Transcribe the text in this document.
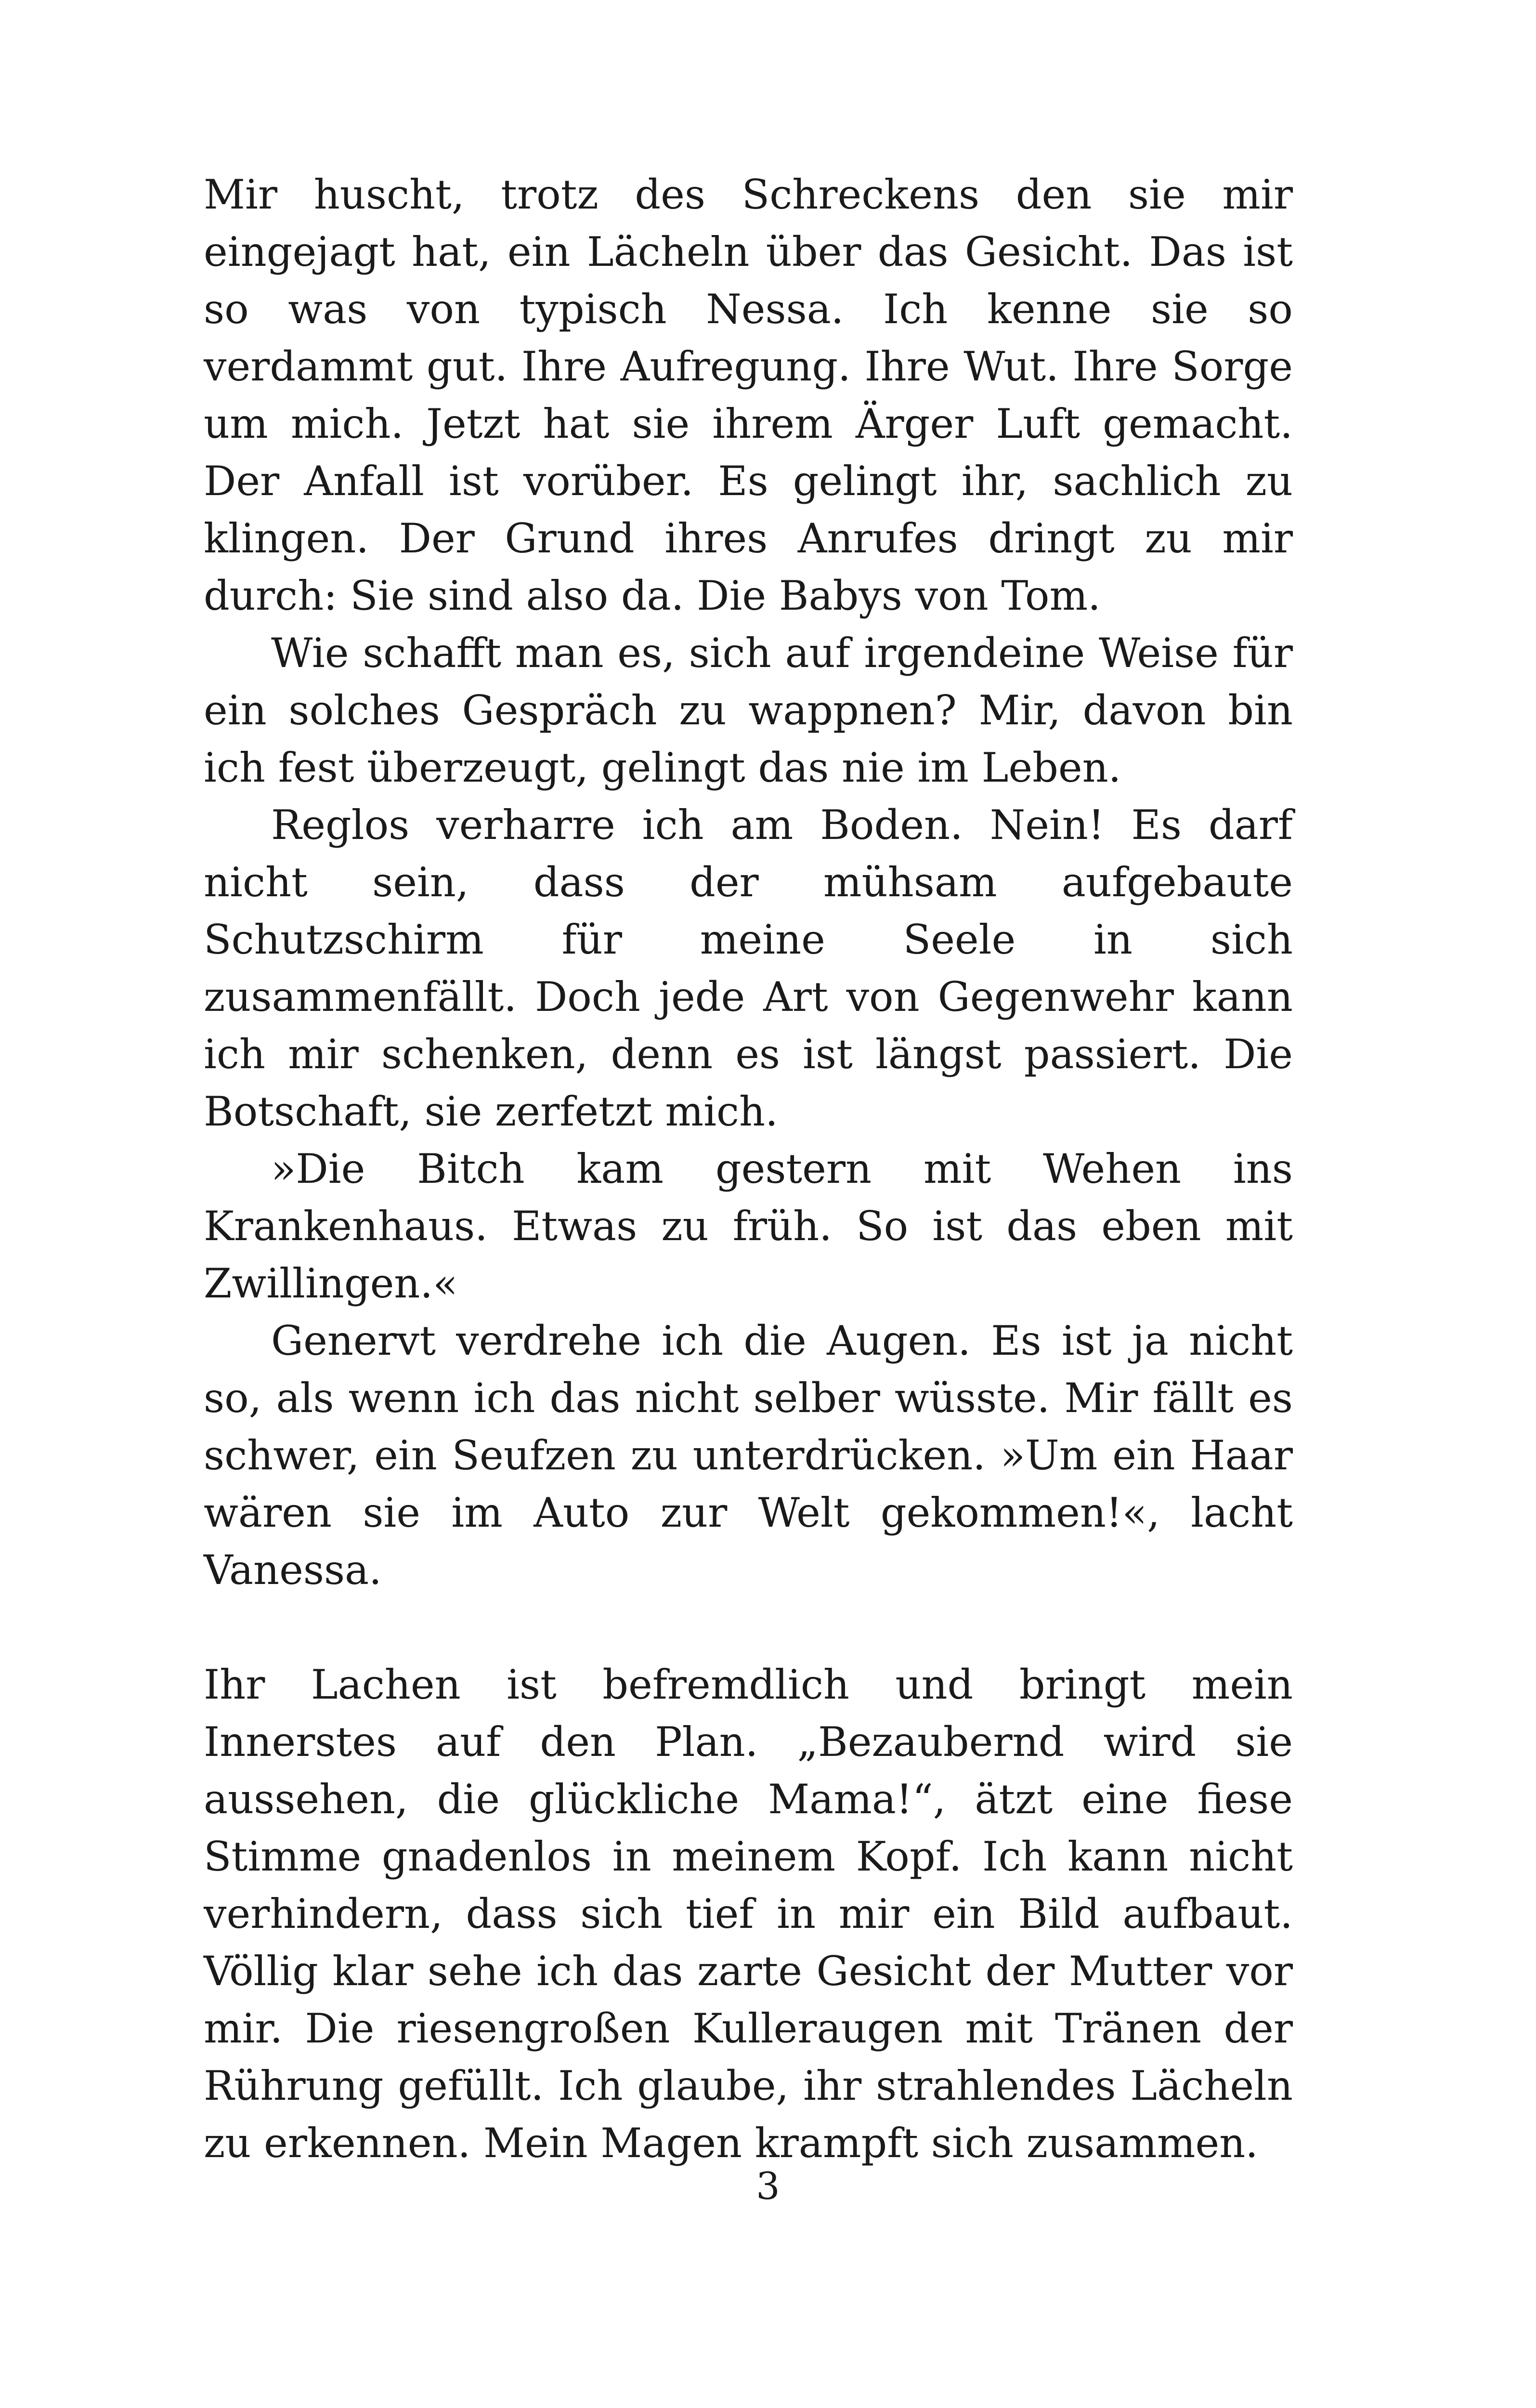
Mir huscht, trotz des Schreckens den sie mir eingejagt hat, ein Lächeln über das Gesicht. Das ist so was von typisch Nessa. Ich kenne sie so verdammt gut. Ihre Aufregung. Ihre Wut. Ihre Sorge um mich. Jetzt hat sie ihrem Ärger Luft gemacht. Der Anfall ist vorüber. Es gelingt ihr, sachlich zu klingen. Der Grund ihres Anrufes dringt zu mir durch: Sie sind also da. Die Babys von Tom.

Wie schafft man es, sich auf irgendeine Weise für ein solches Gespräch zu wappnen? Mir, davon bin ich fest überzeugt, gelingt das nie im Leben.

Reglos verharre ich am Boden. Nein! Es darf nicht sein, dass der mühsam aufgebaute Schutzschirm für meine Seele in sich zusammenfällt. Doch jede Art von Gegenwehr kann ich mir schenken, denn es ist längst passiert. Die Botschaft, sie zerfetzt mich.

»Die Bitch kam gestern mit Wehen ins Krankenhaus. Etwas zu früh. So ist das eben mit Zwillingen.«

Genervt verdrehe ich die Augen. Es ist ja nicht so, als wenn ich das nicht selber wüsste. Mir fällt es schwer, ein Seufzen zu unterdrücken. »Um ein Haar wären sie im Auto zur Welt gekommen!«, lacht Vanessa.

Ihr Lachen ist befremdlich und bringt mein Innerstes auf den Plan. „Bezaubernd wird sie aussehen, die glückliche Mama!“, ätzt eine fiese Stimme gnadenlos in meinem Kopf. Ich kann nicht verhindern, dass sich tief in mir ein Bild aufbaut. Völlig klar sehe ich das zarte Gesicht der Mutter vor mir. Die riesengroßen Kulleraugen mit Tränen der Rührung gefüllt. Ich glaube, ihr strahlendes Lächeln zu erkennen. Mein Magen krampft sich zusammen.

3
